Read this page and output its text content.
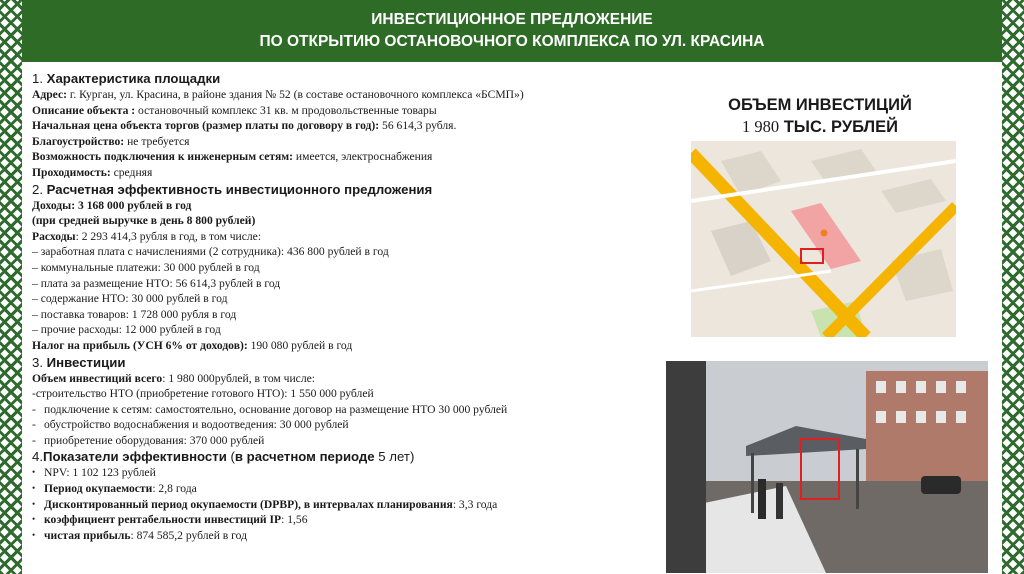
ИНВЕСТИЦИОННОЕ ПРЕДЛОЖЕНИЕ
ПО ОТКРЫТИЮ ОСТАНОВОЧНОГО КОМПЛЕКСА ПО УЛ. КРАСИНА
1. Характеристика площадки
Адрес: г. Курган, ул. Красина, в районе здания № 52 (в составе остановочного комплекса «БСМП»)
Описание объекта : остановочный комплекс 31 кв. м продовольственные товары
Начальная цена объекта торгов (размер платы по договору в год): 56 614,3 рубля.
Благоустройство: не требуется
Возможность подключения к инженерным сетям: имеется, электроснабжения
Проходимость: средняя
2. Расчетная эффективность инвестиционного предложения
Доходы: 3 168 000 рублей в год
(при средней выручке в день 8 800 рублей)
Расходы: 2 293 414,3 рубля в год, в том числе:
– заработная плата с начислениями (2 сотрудника): 436 800 рублей в год
– коммунальные платежи: 30 000 рублей в год
– плата за размещение НТО: 56 614,3 рублей в год
– содержание НТО: 30 000 рублей в год
– поставка товаров: 1 728 000 рубля в год
– прочие расходы: 12 000 рублей в год
Налог на прибыль (УСН 6% от доходов): 190 080 рублей в год
3. Инвестиции
Объем инвестиций всего: 1 980 000рублей, в том числе:
-строительство НТО (приобретение готового НТО): 1 550 000 рублей
- подключение к сетям: самостоятельно, основание договор на размещение НТО 30 000 рублей
- обустройство водоснабжения и водоотведения: 30 000 рублей
- приобретение оборудования: 370 000 рублей
4.Показатели эффективности (в расчетном периоде 5 лет)
• NPV: 1 102 123 рублей
• Период окупаемости: 2,8 года
• Дисконтированный период окупаемости (DPBP), в интервалах планирования: 3,3 года
• коэффициент рентабельности инвестиций IP: 1,56
• чистая прибыль: 874 585,2 рублей в год
ОБЪЕМ ИНВЕСТИЦИЙ
1 980 ТЫС. РУБЛЕЙ
